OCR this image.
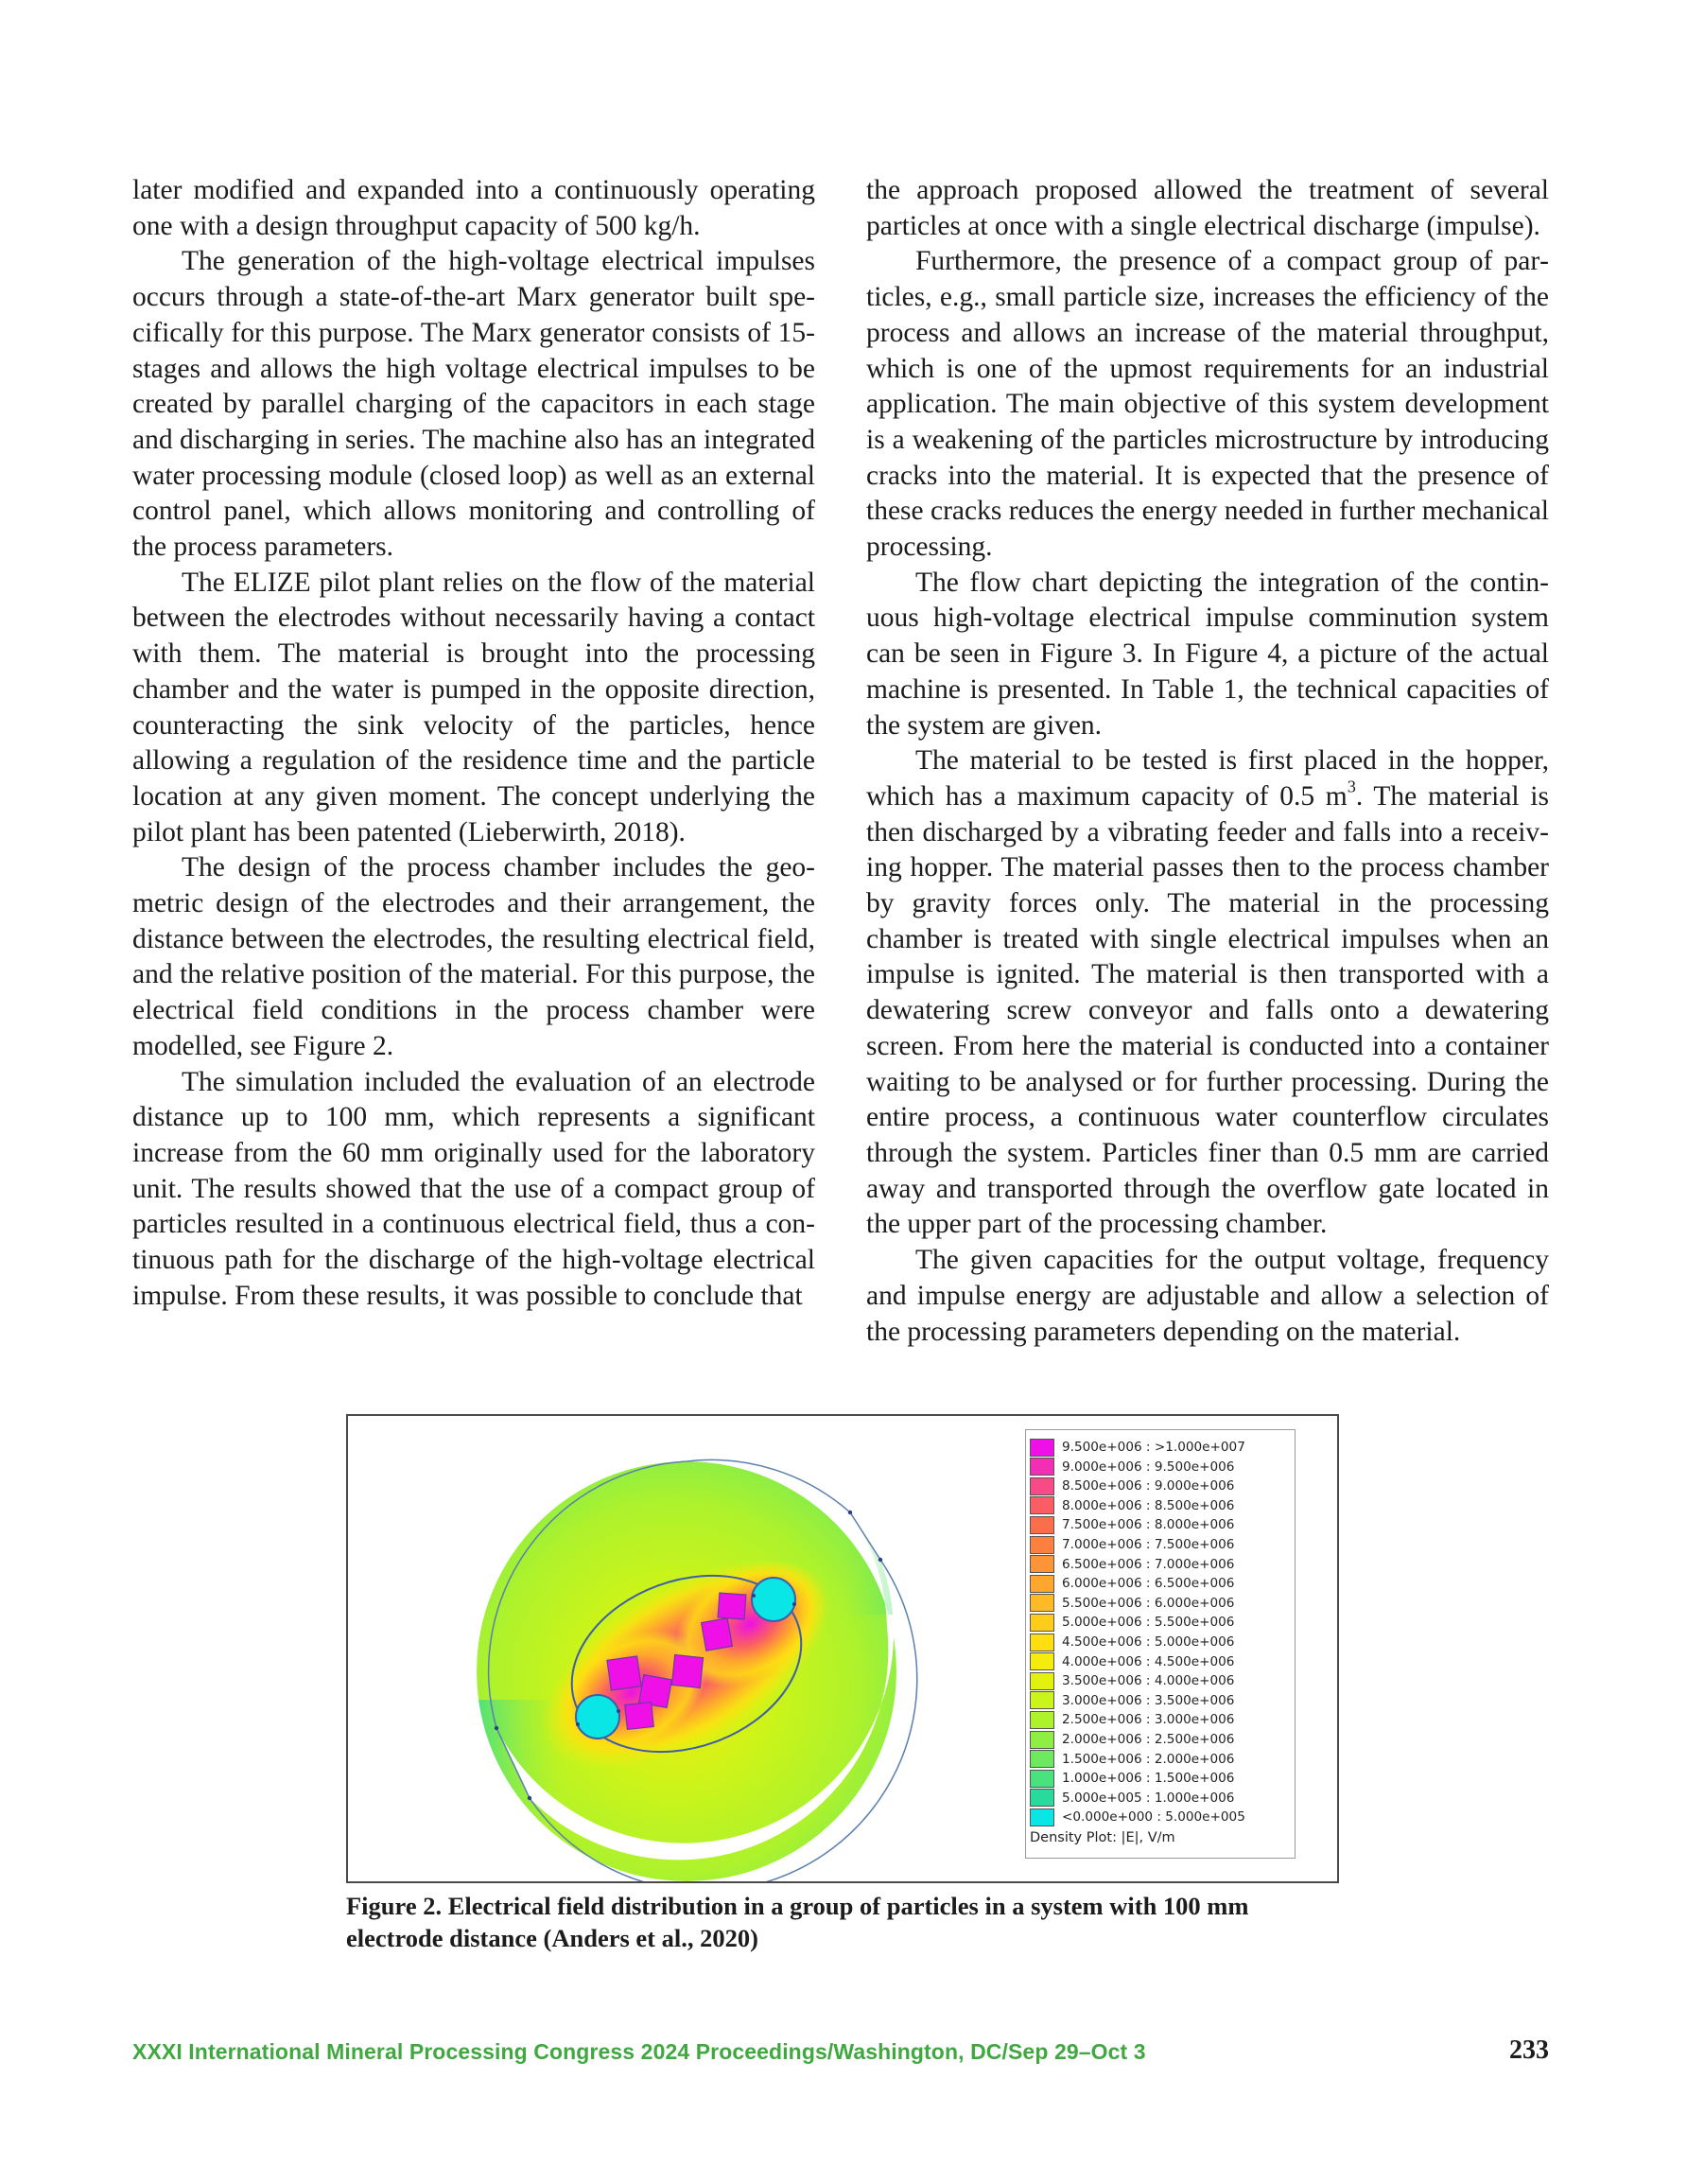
later modified and expanded into a continuously operating one with a design throughput capacity of 500 kg/h.

The generation of the high-voltage electrical impulses occurs through a state-of-the-art Marx generator built specifically for this purpose. The Marx generator consists of 15-stages and allows the high voltage electrical impulses to be created by parallel charging of the capacitors in each stage and discharging in series. The machine also has an integrated water processing module (closed loop) as well as an external control panel, which allows monitoring and controlling of the process parameters.

The ELIZE pilot plant relies on the flow of the material between the electrodes without necessarily having a contact with them. The material is brought into the processing chamber and the water is pumped in the opposite direction, counteracting the sink velocity of the particles, hence allowing a regulation of the residence time and the particle location at any given moment. The concept underlying the pilot plant has been patented (Lieberwirth, 2018).

The design of the process chamber includes the geometric design of the electrodes and their arrangement, the distance between the electrodes, the resulting electrical field, and the relative position of the material. For this purpose, the electrical field conditions in the process chamber were modelled, see Figure 2.

The simulation included the evaluation of an electrode distance up to 100 mm, which represents a significant increase from the 60 mm originally used for the laboratory unit. The results showed that the use of a compact group of particles resulted in a continuous electrical field, thus a continuous path for the discharge of the high-voltage electrical impulse. From these results, it was possible to conclude that

the approach proposed allowed the treatment of several particles at once with a single electrical discharge (impulse).

Furthermore, the presence of a compact group of particles, e.g., small particle size, increases the efficiency of the process and allows an increase of the material throughput, which is one of the upmost requirements for an industrial application. The main objective of this system development is a weakening of the particles microstructure by introducing cracks into the material. It is expected that the presence of these cracks reduces the energy needed in further mechanical processing.

The flow chart depicting the integration of the continuous high-voltage electrical impulse comminution system can be seen in Figure 3. In Figure 4, a picture of the actual machine is presented. In Table 1, the technical capacities of the system are given.

The material to be tested is first placed in the hopper, which has a maximum capacity of 0.5 $m^3$. The material is then discharged by a vibrating feeder and falls into a receiving hopper. The material passes then to the process chamber by gravity forces only. The material in the processing chamber is treated with single electrical impulses when an impulse is ignited. The material is then transported with a dewatering screw conveyor and falls onto a dewatering screen. From here the material is conducted into a container waiting to be analysed or for further processing. During the entire process, a continuous water counterflow circulates through the system. Particles finer than 0.5 mm are carried away and transported through the overflow gate located in the upper part of the processing chamber.

The given capacities for the output voltage, frequency and impulse energy are adjustable and allow a selection of the processing parameters depending on the material.

9.500e+006 : >1.000e+007
9.000e+006 : 9.500e+006
8.500e+006 : 9.000e+006
8.000e+006 : 8.500e+006
7.500e+006 : 8.000e+006
7.000e+006 : 7.500e+006
6.500e+006 : 7.000e+006
6.000e+006 : 6.500e+006
5.500e+006 : 6.000e+006
5.000e+006 : 5.500e+006
4.500e+006 : 5.000e+006
4.000e+006 : 4.500e+006
3.500e+006 : 4.000e+006
3.000e+006 : 3.500e+006
2.500e+006 : 3.000e+006
2.000e+006 : 2.500e+006
1.500e+006 : 2.000e+006
1.000e+006 : 1.500e+006
5.000e+005 : 1.000e+006
<0.000e+000 : 5.000e+005
Density Plot: |E|, V/m
Figure 2. Electrical field distribution in a group of particles in a system with 100 mm electrode distance (Anders et al., 2020)
XXXI International Mineral Processing Congress 2024 Proceedings/Washington, DC/Sep 29–Oct 3	233
